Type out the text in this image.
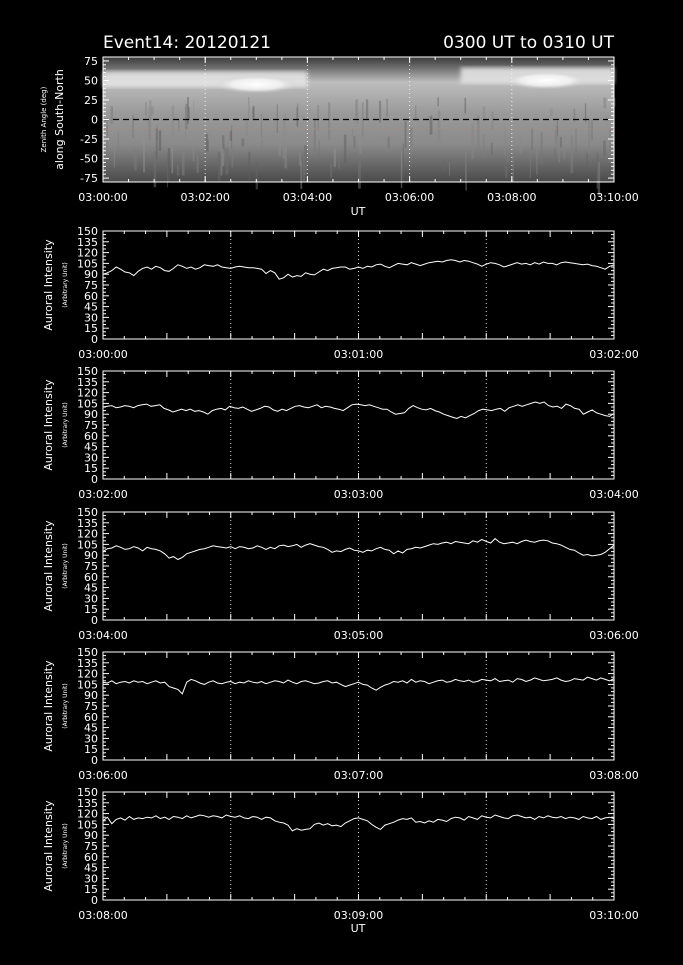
Event14: 20120121	0300 UT to 0310 UT
75
50
25
0
-25
-50
-75
03:00:00	03:02:00	03:04:00	03:06:00	03:08:00	03:10:00
UT
Zenith Angle (deg) along South-North
0
15
30
45
60
75
90
105
120
135
150
03:00:00	03:01:00	03:02:00
Auroral Intensity (Arbitrary Unit)
0
15
30
45
60
75
90
105
120
135
150
03:02:00	03:03:00	03:04:00
Auroral Intensity (Arbitrary Unit)
0
15
30
45
60
75
90
105
120
135
150
03:04:00	03:05:00	03:06:00
Auroral Intensity (Arbitrary Unit)
0
15
30
45
60
75
90
105
120
135
150
03:06:00	03:07:00	03:08:00
Auroral Intensity (Arbitrary Unit)
0
15
30
45
60
75
90
105
120
135
150
03:08:00	03:09:00	03:10:00
UT
Auroral Intensity (Arbitrary Unit)
